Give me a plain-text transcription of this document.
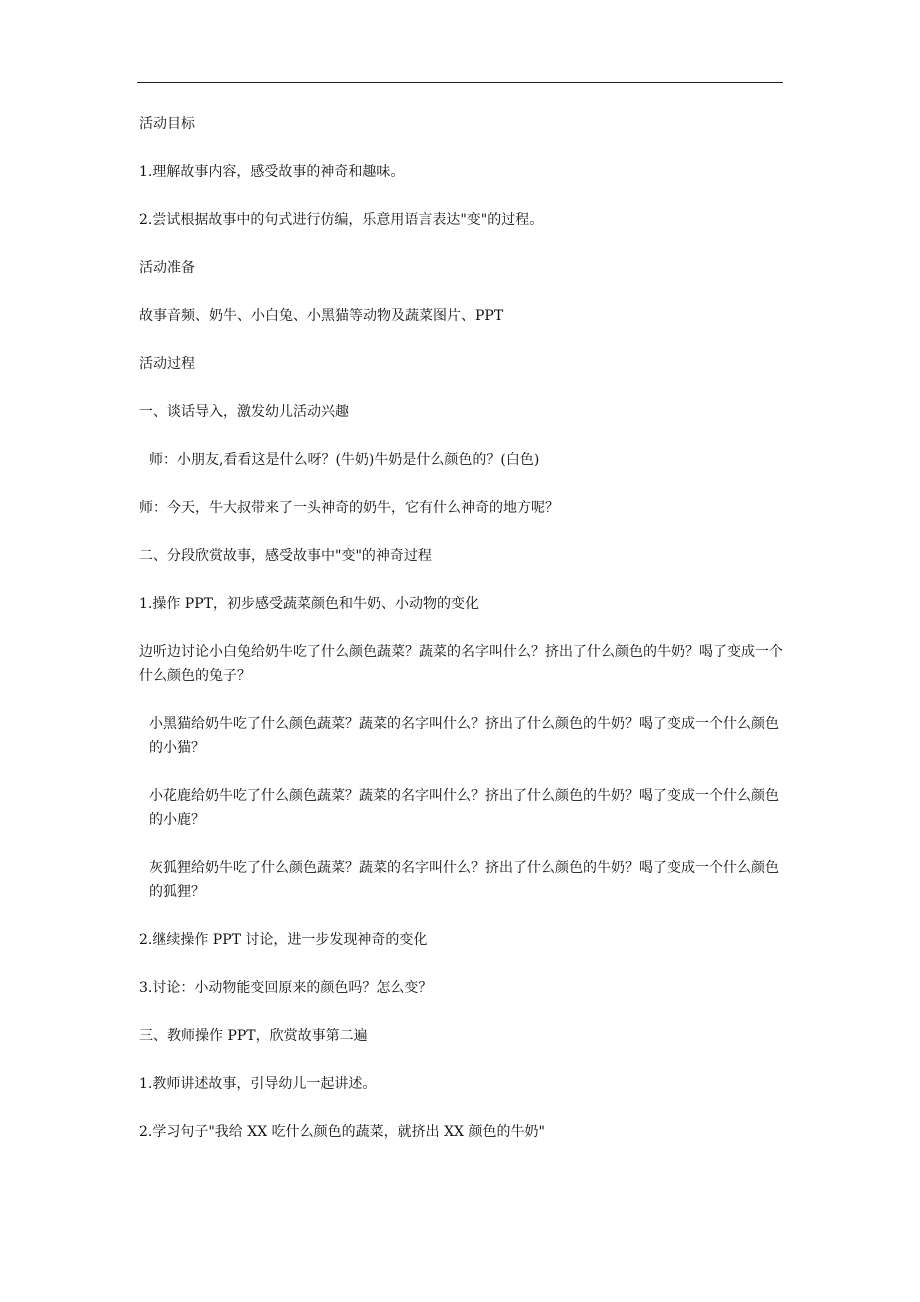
活动目标

1.理解故事内容，感受故事的神奇和趣味。

2.尝试根据故事中的句式进行仿编，乐意用语言表达"变"的过程。

活动准备

故事音频、奶牛、小白兔、小黑猫等动物及蔬菜图片、PPT

活动过程

一、谈话导入，激发幼儿活动兴趣

师：小朋友,看看这是什么呀？(牛奶)牛奶是什么颜色的？(白色)

师：今天，牛大叔带来了一头神奇的奶牛，它有什么神奇的地方呢？

二、分段欣赏故事，感受故事中"变"的神奇过程

1.操作 PPT，初步感受蔬菜颜色和牛奶、小动物的变化

边听边讨论小白兔给奶牛吃了什么颜色蔬菜？蔬菜的名字叫什么？挤出了什么颜色的牛奶？喝了变成一个什么颜色的兔子？

小黑猫给奶牛吃了什么颜色蔬菜？蔬菜的名字叫什么？挤出了什么颜色的牛奶？喝了变成一个什么颜色的小猫？

小花鹿给奶牛吃了什么颜色蔬菜？蔬菜的名字叫什么？挤出了什么颜色的牛奶？喝了变成一个什么颜色的小鹿？

灰狐狸给奶牛吃了什么颜色蔬菜？蔬菜的名字叫什么？挤出了什么颜色的牛奶？喝了变成一个什么颜色的狐狸？

2.继续操作 PPT 讨论，进一步发现神奇的变化

3.讨论：小动物能变回原来的颜色吗？怎么变？

三、教师操作 PPT，欣赏故事第二遍

1.教师讲述故事，引导幼儿一起讲述。

2.学习句子"我给 XX 吃什么颜色的蔬菜，就挤出 XX 颜色的牛奶"
